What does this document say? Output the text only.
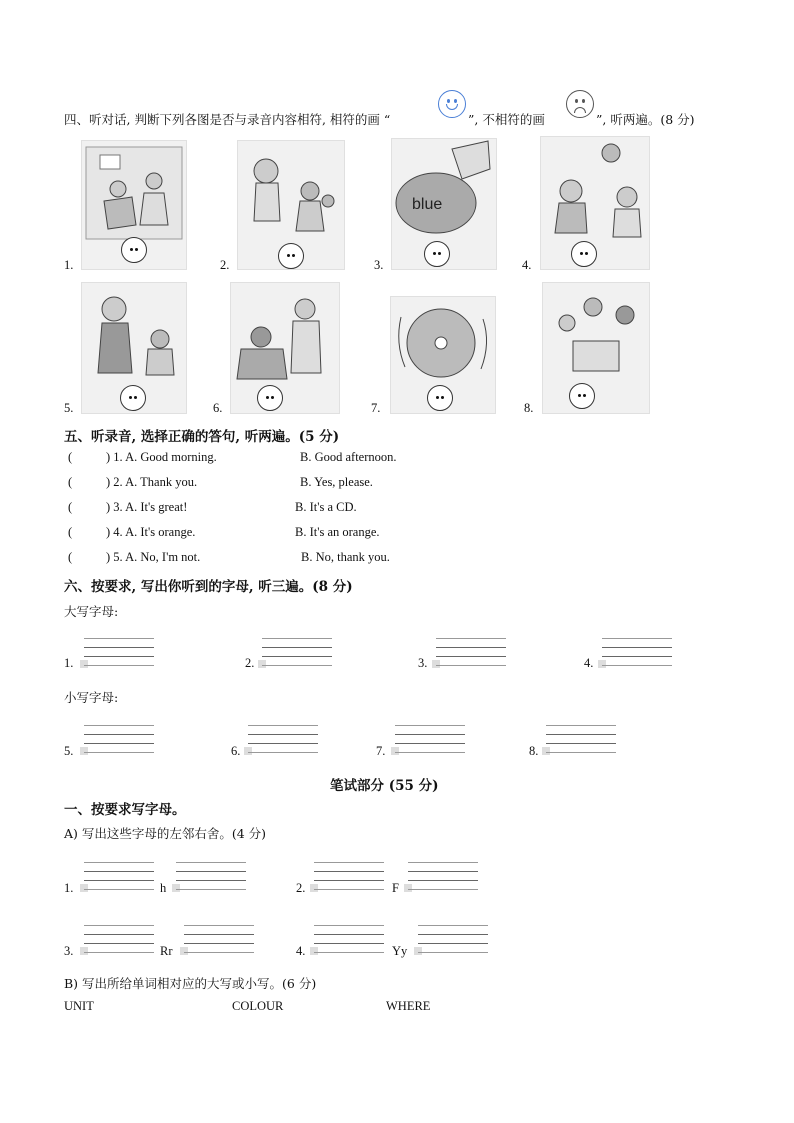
四、听对话, 判断下列各图是否与录音内容相符, 相符的画 “	”, 不相符的画	”, 听两遍。(8 分)
1.	2.	3.
blue
4.
5.	6.	7.	8.
五、听录音, 选择正确的答句, 听两遍。(5 分)
(	) 1. A. Good morning.	B. Good afternoon.
(	) 2. A. Thank you.	B. Yes, please.
(	) 3. A. It's great!	B. It's a CD.
(	) 4. A. It's orange.	B. It's an orange.
(	) 5. A. No, I'm not.	B. No, thank you.
六、按要求, 写出你听到的字母, 听三遍。(8 分)
大写字母:
1.	2.	3.	4.
小写字母:
5.	6.	7.	8.
笔试部分 (55 分)
一、按要求写字母。
A) 写出这些字母的左邻右舍。(4 分)
1.	h	2.	F
3.	Rr	4.	Yy
B) 写出所给单词相对应的大写或小写。(6 分)
UNIT	COLOUR	WHERE
